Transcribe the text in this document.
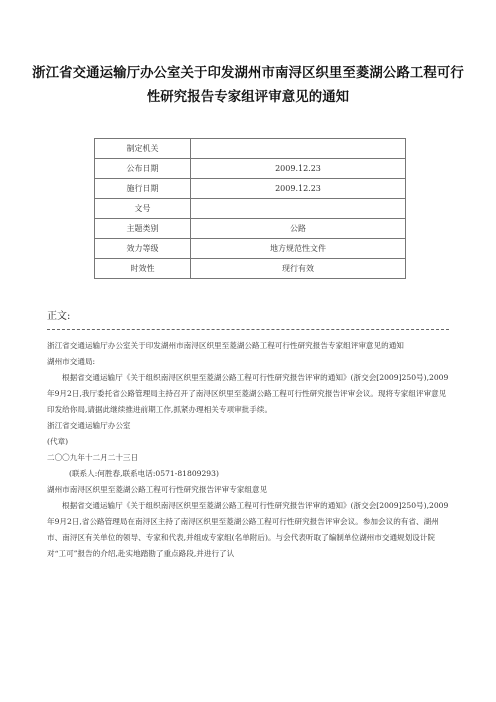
浙江省交通运输厅办公室关于印发湖州市南浔区织里至菱湖公路工程可行
性研究报告专家组评审意见的通知
制定机关	
公布日期	2009.12.23
施行日期	2009.12.23
文号	
主题类别	公路
效力等级	地方规范性文件
时效性	现行有效
正文:

浙江省交通运输厅办公室关于印发湖州市南浔区织里至菱湖公路工程可行性研究报告专家组评审意见的通知

湖州市交通局:

根据省交通运输厅《关于组织南浔区织里至菱湖公路工程可行性研究报告评审的通知》(浙交会[2009]250号),2009年9月2日,我厅委托省公路管理局主持召开了南浔区织里至菱湖公路工程可行性研究报告评审会议。现将专家组评审意见印发给你局,请据此继续推进前期工作,抓紧办理相关专项审批手续。

浙江省交通运输厅办公室

(代章)

二〇〇九年十二月二十三日

(联系人:何胜春,联系电话:0571-81809293)

湖州市南浔区织里至菱湖公路工程可行性研究报告评审专家组意见

根据省交通运输厅《关于组织南浔区织里至菱湖公路工程可行性研究报告评审的通知》(浙交会[2009]250号),2009年9月2日,省公路管理局在南浔区主持了南浔区织里至菱湖公路工程可行性研究报告评审会议。参加会议的有省、湖州市、南浔区有关单位的领导、专家和代表,并组成专家组(名单附后)。与会代表听取了编制单位湖州市交通规划设计院对“工可”报告的介绍,赴实地踏勘了重点路段,并进行了认
